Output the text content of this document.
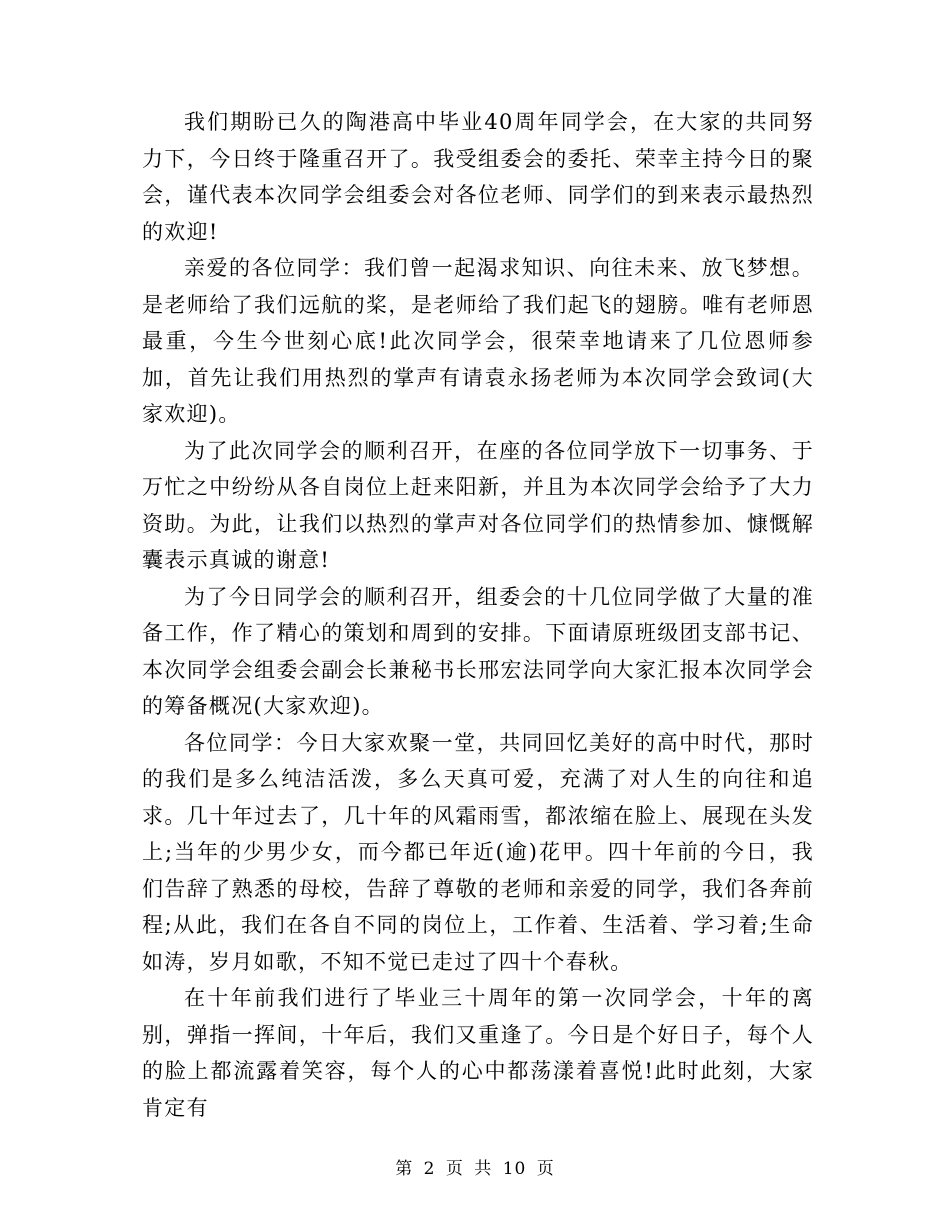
我们期盼已久的陶港高中毕业40周年同学会，在大家的共同努力下，今日终于隆重召开了。我受组委会的委托、荣幸主持今日的聚会，谨代表本次同学会组委会对各位老师、同学们的到来表示最热烈的欢迎!

亲爱的各位同学：我们曾一起渴求知识、向往未来、放飞梦想。是老师给了我们远航的桨，是老师给了我们起飞的翅膀。唯有老师恩最重，今生今世刻心底!此次同学会，很荣幸地请来了几位恩师参加，首先让我们用热烈的掌声有请袁永扬老师为本次同学会致词(大家欢迎)。

为了此次同学会的顺利召开，在座的各位同学放下一切事务、于万忙之中纷纷从各自岗位上赶来阳新，并且为本次同学会给予了大力资助。为此，让我们以热烈的掌声对各位同学们的热情参加、慷慨解囊表示真诚的谢意!

为了今日同学会的顺利召开，组委会的十几位同学做了大量的准备工作，作了精心的策划和周到的安排。下面请原班级团支部书记、本次同学会组委会副会长兼秘书长邢宏法同学向大家汇报本次同学会的筹备概况(大家欢迎)。

各位同学：今日大家欢聚一堂，共同回忆美好的高中时代，那时的我们是多么纯洁活泼，多么天真可爱，充满了对人生的向往和追求。几十年过去了，几十年的风霜雨雪，都浓缩在脸上、展现在头发上;当年的少男少女，而今都已年近(逾)花甲。四十年前的今日，我们告辞了熟悉的母校，告辞了尊敬的老师和亲爱的同学，我们各奔前程;从此，我们在各自不同的岗位上，工作着、生活着、学习着;生命如涛，岁月如歌，不知不觉已走过了四十个春秋。

在十年前我们进行了毕业三十周年的第一次同学会，十年的离别，弹指一挥间，十年后，我们又重逢了。今日是个好日子，每个人的脸上都流露着笑容，每个人的心中都荡漾着喜悦!此时此刻，大家肯定有

第 2 页 共 10 页
